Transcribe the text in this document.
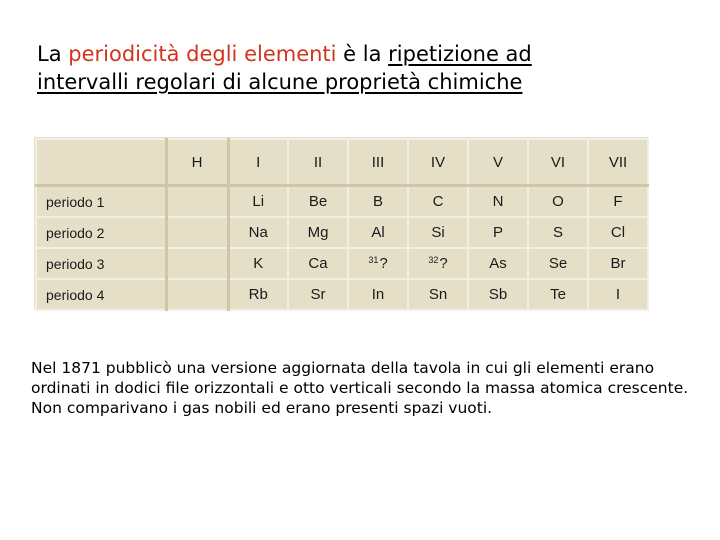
La periodicità degli elementi è la ripetizione ad
intervalli regolari di alcune proprietà chimiche
	H	I	II	III	IV	V	VI	VII
periodo 1		Li	Be	B	C	N	O	F
periodo 2		Na	Mg	Al	Si	P	S	Cl
periodo 3		K	Ca	$^{31}$?	$^{32}$?	As	Se	Br
periodo 4		Rb	Sr	In	Sn	Sb	Te	I

Nel 1871 pubblicò una versione aggiornata della tavola in cui gli elementi erano ordinati in dodici file orizzontali e otto verticali secondo la massa atomica crescente. Non comparivano i gas nobili ed erano presenti spazi vuoti.
